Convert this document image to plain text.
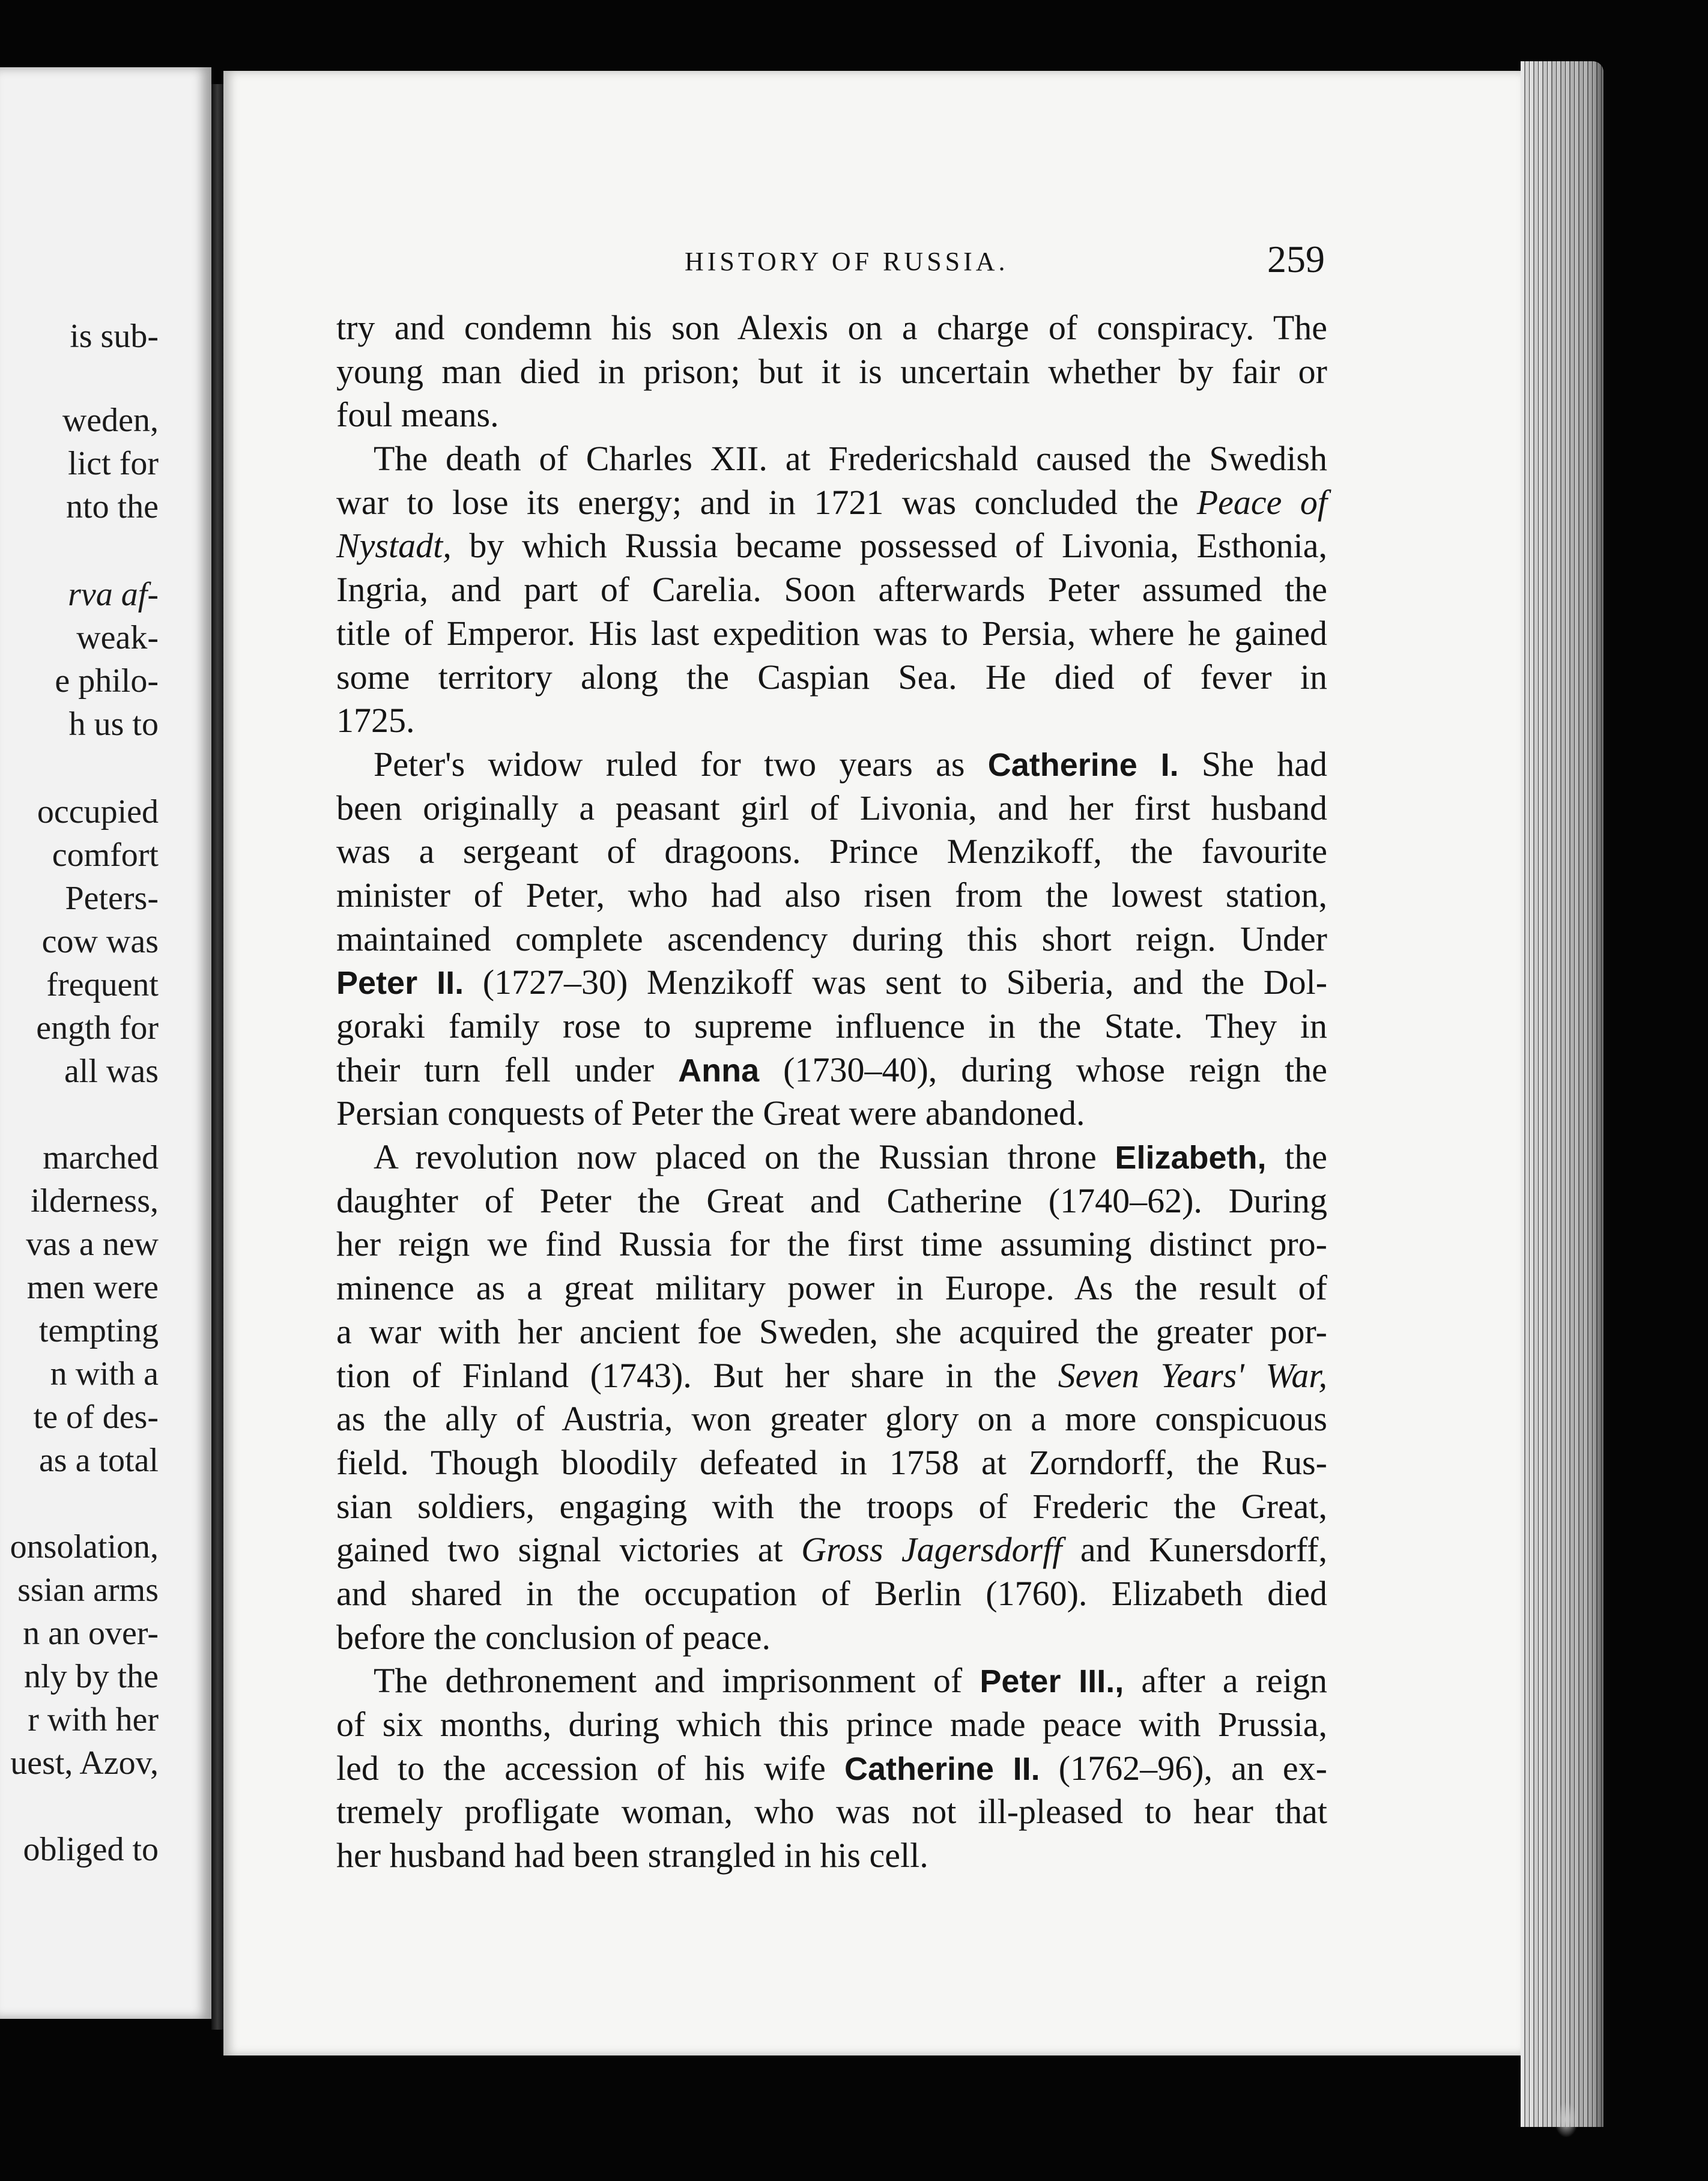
is sub-
weden,
lict for
nto the
rva af-
weak-
e philo-
h us to
occupied
comfort
Peters-
cow was
frequent
ength for
all was
marched
ilderness,
vas a new
men were
tempting
n with a
te of des-
as a total
onsolation,
ssian arms
n an over-
nly by the
r with her
uest, Azov,
obliged to
HISTORY OF RUSSIA.	259
try and condemn his son Alexis on a charge of conspiracy. The
young man died in prison; but it is uncertain whether by fair or
foul means.
The death of Charles XII. at Fredericshald caused the Swedish
war to lose its energy; and in 1721 was concluded the Peace of
Nystadt, by which Russia became possessed of Livonia, Esthonia,
Ingria, and part of Carelia. Soon afterwards Peter assumed the
title of Emperor. His last expedition was to Persia, where he gained
some territory along the Caspian Sea. He died of fever in
1725.
Peter's widow ruled for two years as Catherine I. She had
been originally a peasant girl of Livonia, and her first husband
was a sergeant of dragoons. Prince Menzikoff, the favourite
minister of Peter, who had also risen from the lowest station,
maintained complete ascendency during this short reign. Under
Peter II. (1727–30) Menzikoff was sent to Siberia, and the Dol-
goraki family rose to supreme influence in the State. They in
their turn fell under Anna (1730–40), during whose reign the
Persian conquests of Peter the Great were abandoned.
A revolution now placed on the Russian throne Elizabeth, the
daughter of Peter the Great and Catherine (1740–62). During
her reign we find Russia for the first time assuming distinct pro-
minence as a great military power in Europe. As the result of
a war with her ancient foe Sweden, she acquired the greater por-
tion of Finland (1743). But her share in the Seven Years' War,
as the ally of Austria, won greater glory on a more conspicuous
field. Though bloodily defeated in 1758 at Zorndorff, the Rus-
sian soldiers, engaging with the troops of Frederic the Great,
gained two signal victories at Gross Jagersdorff and Kunersdorff,
and shared in the occupation of Berlin (1760). Elizabeth died
before the conclusion of peace.
The dethronement and imprisonment of Peter III., after a reign
of six months, during which this prince made peace with Prussia,
led to the accession of his wife Catherine II. (1762–96), an ex-
tremely profligate woman, who was not ill-pleased to hear that
her husband had been strangled in his cell.
